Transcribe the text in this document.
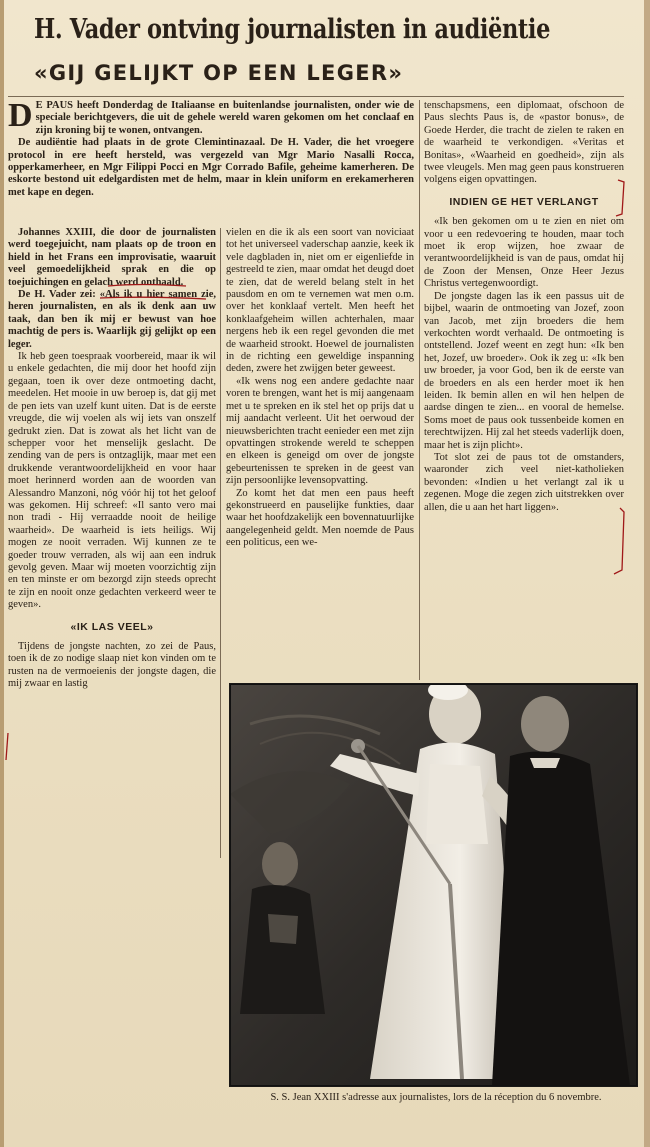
H. Vader ontving journalisten in audiëntie
«GIJ GELIJKT OP EEN LEGER»

D E PAUS heeft Donderdag de Italiaanse en buitenlandse journalisten, onder wie de speciale berichtgevers, die uit de gehele wereld waren gekomen om het conclaaf en zijn kroning bij te wonen, ontvangen.

De audiëntie had plaats in de grote Clemintinazaal. De H. Vader, die het vroegere protocol in ere heeft hersteld, was vergezeld van Mgr Mario Nasalli Rocca, opperkamerheer, en Mgr Filippi Pocci en Mgr Corrado Bafile, geheime kamerheren. De eskorte bestond uit edelgardisten met de helm, maar in klein uniform en erekamerheren met kape en degen.

Johannes XXIII, die door de journalisten werd toegejuicht, nam plaats op de troon en hield in het Frans een improvisatie, waaruit veel gemoedelijkheid sprak en die op toejuichingen en gelach werd onthaald.

De H. Vader zei: «Als ik u hier samen zie, heren journalisten, en als ik denk aan uw taak, dan ben ik mij er bewust van hoe machtig de pers is. Waarlijk gij gelijkt op een leger.

Ik heb geen toespraak voorbereid, maar ik wil u enkele gedachten, die mij door het hoofd zijn gegaan, toen ik over deze ontmoeting dacht, meedelen. Het mooie in uw beroep is, dat gij met de pen iets van uzelf kunt uiten. Dat is de eerste vreugde, die wij voelen als wij iets van onszelf gedrukt zien. Dat is zowat als het licht van de schepper voor het menselijk geslacht. De zending van de pers is ontzaglijk, maar met een drukkende verantwoordelijkheid en voor haar moet herinnerd worden aan de woorden van Alessandro Manzoni, nóg vóór hij tot het geloof was gekomen. Hij schreef: «Il santo vero mai non tradi - Hij verraadde nooit de heilige waarheid». De waarheid is iets heiligs. Wij mogen ze nooit verraden. Wij kunnen ze te goeder trouw verraden, als wij aan een indruk gevolg geven. Maar wij moeten voorzichtig zijn en ten minste er om bezorgd zijn steeds oprecht te zijn en nooit onze gedachten verkeerd weer te geven».

«IK LAS VEEL»

Tijdens de jongste nachten, zo zei de Paus, toen ik de zo nodige slaap niet kon vinden om te rusten na de vermoeienis der jongste dagen, die mij zwaar en lastig

vielen en die ik als een soort van noviciaat tot het universeel vaderschap aanzie, keek ik vele dagbladen in, niet om er eigenliefde in gestreeld te zien, maar omdat het deugd doet te zien, dat de wereld belang stelt in het pausdom en om te vernemen wat men o.m. over het konklaaf vertelt. Men heeft het konklaafgeheim willen achterhalen, maar nergens heb ik een regel gevonden die met de waarheid strookt. Hoewel de journalisten in de richting een geweldige inspanning deden, zwere het zwijgen beter geweest.

«Ik wens nog een andere gedachte naar voren te brengen, want het is mij aangenaam met u te spreken en ik stel het op prijs dat u mij aandacht verleent. Uit het oerwoud der nieuwsberichten tracht eenieder een met zijn opvattingen strokende wereld te scheppen en elkeen is geneigd om over de jongste gebeurtenissen te spreken in de geest van zijn persoonlijke levensopvatting.

Zo komt het dat men een paus heeft gekonstrueerd en pauselijke funkties, daar waar het hoofdzakelijk een bovennatuurlijke aangelegenheid geldt. Men noemde de Paus een politicus, een we-

tenschapsmens, een diplomaat, ofschoon de Paus slechts Paus is, de «pastor bonus», de Goede Herder, die tracht de zielen te raken en de waarheid te verkondigen. «Veritas et Bonitas», «Waarheid en goedheid», zijn als twee vleugels. Men mag geen paus konstrueren volgens eigen opvattingen.

INDIEN GE HET VERLANGT

«Ik ben gekomen om u te zien en niet om voor u een redevoering te houden, maar toch moet ik erop wijzen, hoe zwaar de verantwoordelijkheid is van de paus, omdat hij de Zoon der Mensen, Onze Heer Jezus Christus vertegenwoordigt.

De jongste dagen las ik een passus uit de bijbel, waarin de ontmoeting van Jozef, zoon van Jacob, met zijn broeders die hem verkochten wordt verhaald. De ontmoeting is ontstellend. Jozef weent en zegt hun: «Ik ben het, Jozef, uw broeder». Ook ik zeg u: «Ik ben uw broeder, ja voor God, ben ik de eerste van de broeders en als een herder moet ik hen leiden. Ik bemin allen en wil hen helpen de aardse dingen te zien... en vooral de hemelse. Soms moet de paus ook tussenbeide komen en terechtwijzen. Hij zal het steeds vaderlijk doen, maar het is zijn plicht».

Tot slot zei de paus tot de omstanders, waaronder zich veel niet-katholieken bevonden: «Indien u het verlangt zal ik u zegenen. Moge die zegen zich uitstrekken over allen, die u aan het hart liggen».

S. S. Jean XXIII s'adresse aux journalistes, lors de la réception du 6 novembre.
